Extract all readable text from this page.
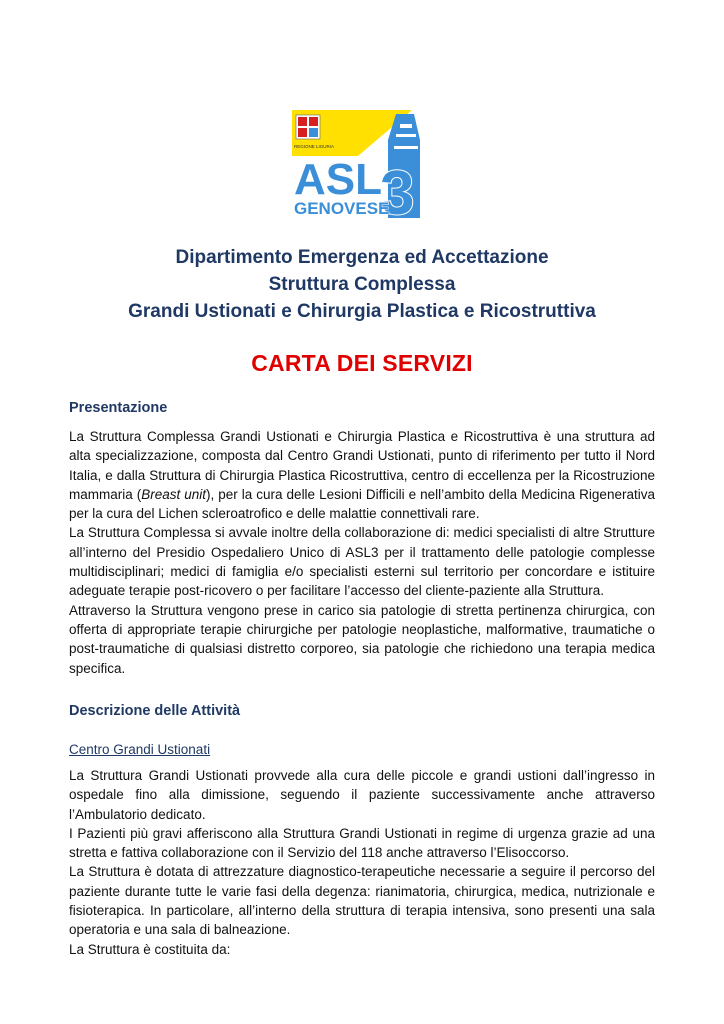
REGIONE LIGURIA
ASL
3
GENOVESE
Dipartimento Emergenza ed Accettazione
Struttura Complessa
Grandi Ustionati e Chirurgia Plastica e Ricostruttiva
CARTA DEI SERVIZI
Presentazione

La Struttura Complessa Grandi Ustionati e Chirurgia Plastica e Ricostruttiva è una struttura ad alta specializzazione, composta dal Centro Grandi Ustionati, punto di riferimento per tutto il Nord Italia, e dalla Struttura di Chirurgia Plastica Ricostruttiva, centro di eccellenza per la Ricostruzione mammaria (Breast unit), per la cura delle Lesioni Difficili e nell’ambito della Medicina Rigenerativa per la cura del Lichen scleroatrofico e delle malattie connettivali rare.

La Struttura Complessa si avvale inoltre della collaborazione di: medici specialisti di altre Strutture all’interno del Presidio Ospedaliero Unico di ASL3 per il trattamento delle patologie complesse multidisciplinari; medici di famiglia e/o specialisti esterni sul territorio per concordare e istituire adeguate terapie post-ricovero o per facilitare l’accesso del cliente-paziente alla Struttura.

Attraverso la Struttura vengono prese in carico sia patologie di stretta pertinenza chirurgica, con offerta di appropriate terapie chirurgiche per patologie neoplastiche, malformative, traumatiche o post-traumatiche di qualsiasi distretto corporeo, sia patologie che richiedono una terapia medica specifica.

Descrizione delle Attività
Centro Grandi Ustionati

La Struttura Grandi Ustionati provvede alla cura delle piccole e grandi ustioni dall’ingresso in ospedale fino alla dimissione, seguendo il paziente successivamente anche attraverso l’Ambulatorio dedicato.

I Pazienti più gravi afferiscono alla Struttura Grandi Ustionati in regime di urgenza grazie ad una stretta e fattiva collaborazione con il Servizio del 118 anche attraverso l’Elisoccorso.

La Struttura è dotata di attrezzature diagnostico-terapeutiche necessarie a seguire il percorso del paziente durante tutte le varie fasi della degenza: rianimatoria, chirurgica, medica, nutrizionale e fisioterapica. In particolare, all’interno della struttura di terapia intensiva, sono presenti una sala operatoria e una sala di balneazione.

La Struttura è costituita da:
